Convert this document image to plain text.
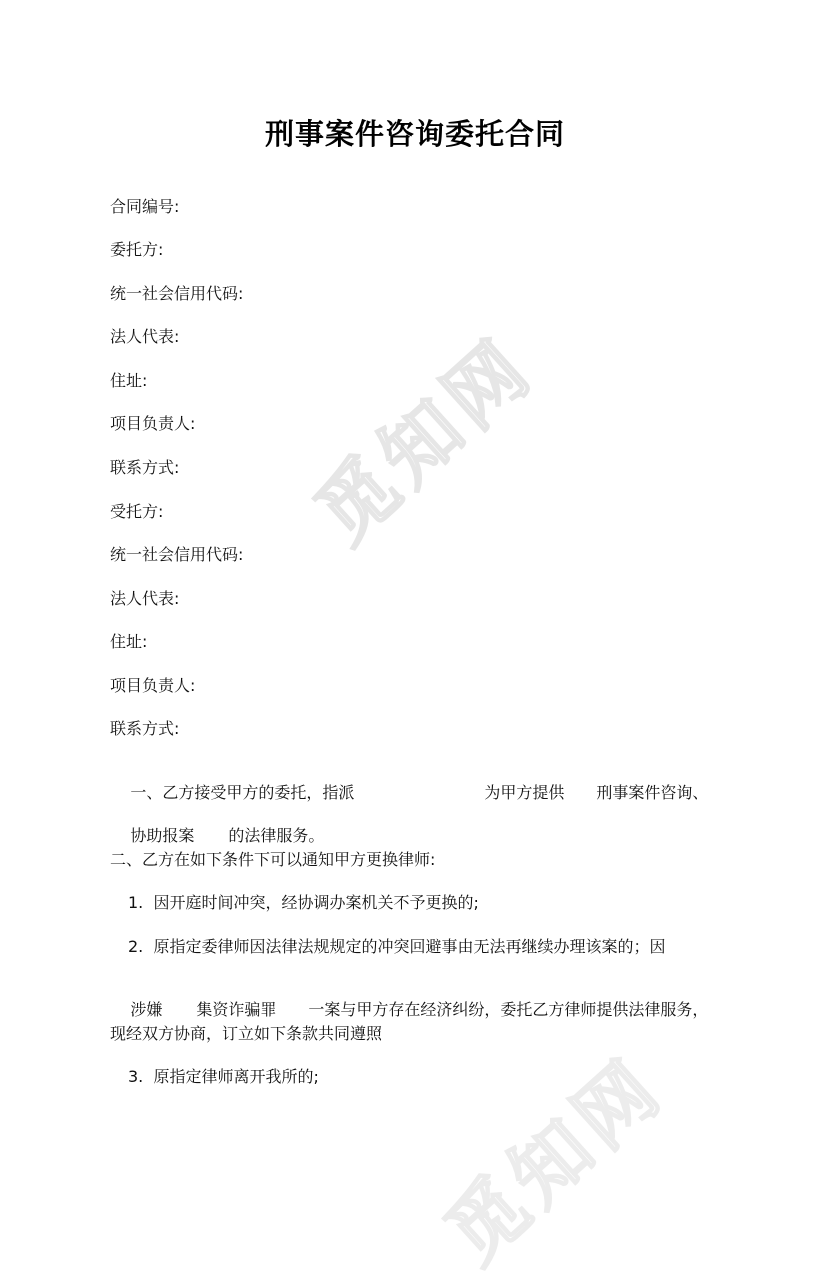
觅知网
觅知网
刑事案件咨询委托合同
合同编号:
委托方:
统一社会信用代码:
法人代表:
住址:
项目负责人:
联系方式:
受托方:
统一社会信用代码:
法人代表:
住址:
项目负责人:
联系方式:

一、乙方接受甲方的委托，指派	为甲方提供 刑事案件咨询、

协助报案 的法律服务。

二、乙方在如下条件下可以通知甲方更换律师:
1.  因开庭时间冲突，经协调办案机关不予更换的;
2.  原指定委律师因法律法规规定的冲突回避事由无法再继续办理该案的；因

涉嫌 集资诈骗罪 一案与甲方存在经济纠纷，委托乙方律师提供法律服务，

现经双方协商，订立如下条款共同遵照
3.  原指定律师离开我所的;
